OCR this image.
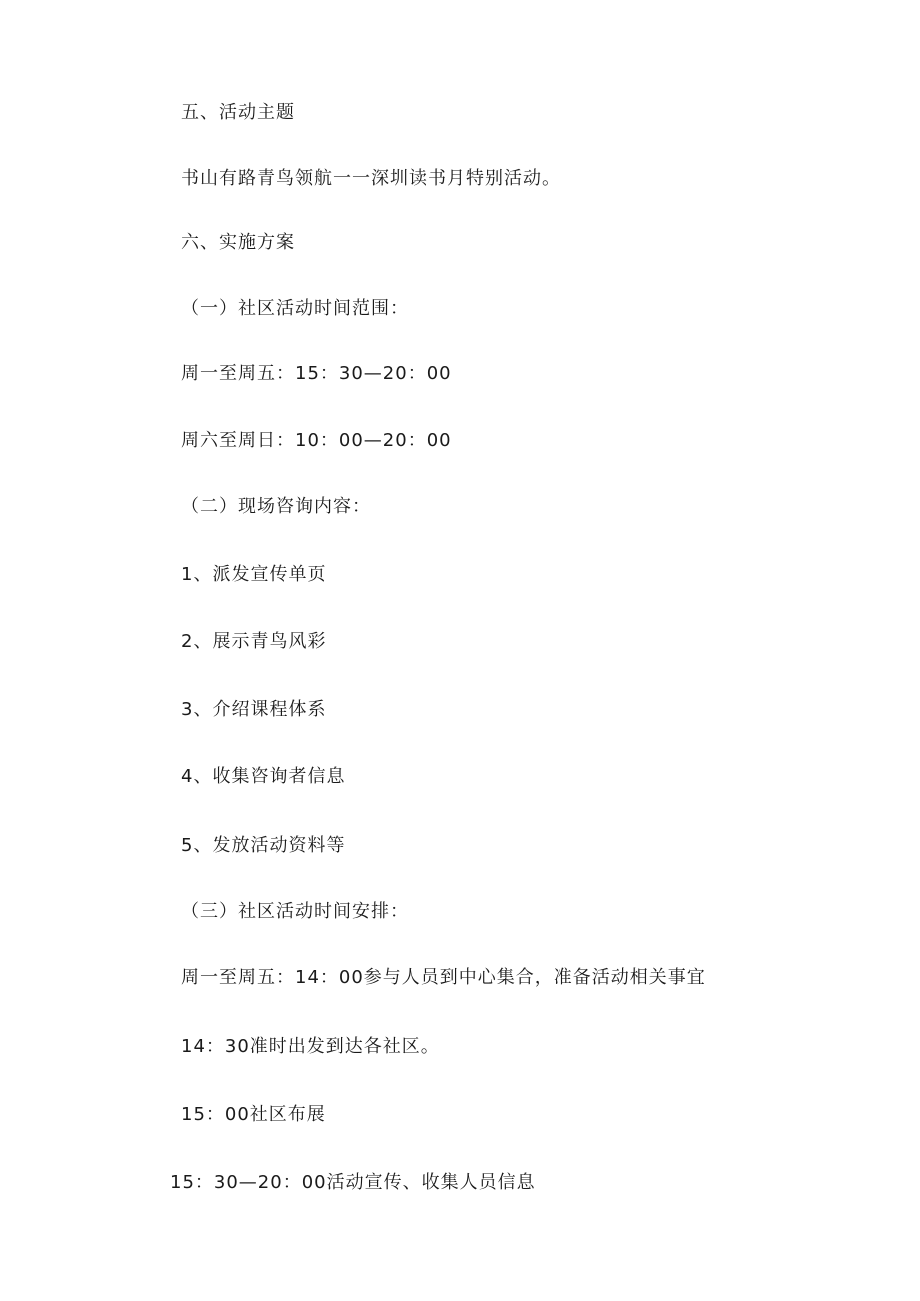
五、活动主题
书山有路青鸟领航一一深圳读书月特别活动。
六、实施方案
（一）社区活动时间范围：
周一至周五：15：30—20：00
周六至周日：10：00—20：00
（二）现场咨询内容：
1、派发宣传单页
2、展示青鸟风彩
3、介绍课程体系
4、收集咨询者信息
5、发放活动资料等
（三）社区活动时间安排：
周一至周五：14：00参与人员到中心集合，准备活动相关事宜
14：30准时出发到达各社区。
15：00社区布展
15：30—20：00活动宣传、收集人员信息
